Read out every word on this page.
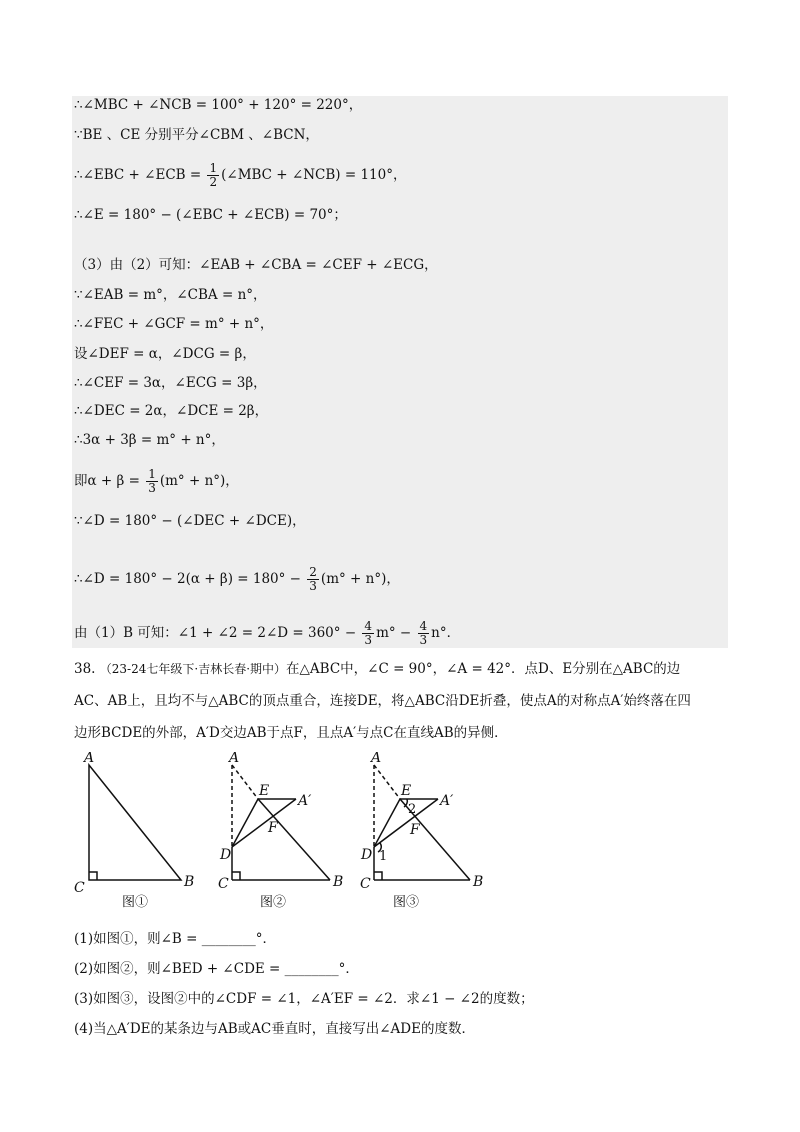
∴∠MBC + ∠NCB = 100° + 120° = 220°，
∵BE 、CE 分别平分∠CBM 、∠BCN，
∴∠EBC + ∠ECB = $\frac{1}{2}$ (∠MBC + ∠NCB) = 110°，
∴∠E = 180° − (∠EBC + ∠ECB) = 70°；
（3）由（2）可知：∠EAB + ∠CBA = ∠CEF + ∠ECG，
∵∠EAB = m°，∠CBA = n°，
∴∠FEC + ∠GCF = m° + n°，
设∠DEF = α，∠DCG = β，
∴∠CEF = 3α，∠ECG = 3β，
∴∠DEC = 2α，∠DCE = 2β，
∴3α + 3β = m° + n°，
即$\alpha + \beta = \frac{1}{3} (m^\circ + n^\circ)$，
∵∠D = 180° − (∠DEC + ∠DCE)，
∴∠D = $180^\circ - 2(\alpha + \beta) = 180^\circ - \frac{2}{3} (m^\circ + n^\circ)$，
由（1）B 可知：∠1 + ∠2 = 2∠D = $360^\circ - \frac{4}{3} m^\circ - \frac{4}{3} n^\circ$．
38. （23-24七年级下·吉林长春·期中）在△ABC中，∠C = 90°，∠A = 42°．点D、E分别在△ABC的边
AC、AB上，且均不与△ABC的顶点重合，连接DE，将△ABC沿DE折叠，使点A的对称点A′始终落在四
边形BCDE的外部，A′D交边AB于点F，且点A′与点C在直线AB的异侧．
A
C	B
A
E
A′
F
D
C	B
A
E
A′
F
D
C	B
1
2
图①	图②	图③
(1)如图①，则∠B = ________°．
(2)如图②，则∠BED + ∠CDE = ________°．
(3)如图③，设图②中的∠CDF = ∠1，∠A′EF = ∠2．求∠1 − ∠2的度数；
(4)当△A′DE的某条边与AB或AC垂直时，直接写出∠ADE的度数．
